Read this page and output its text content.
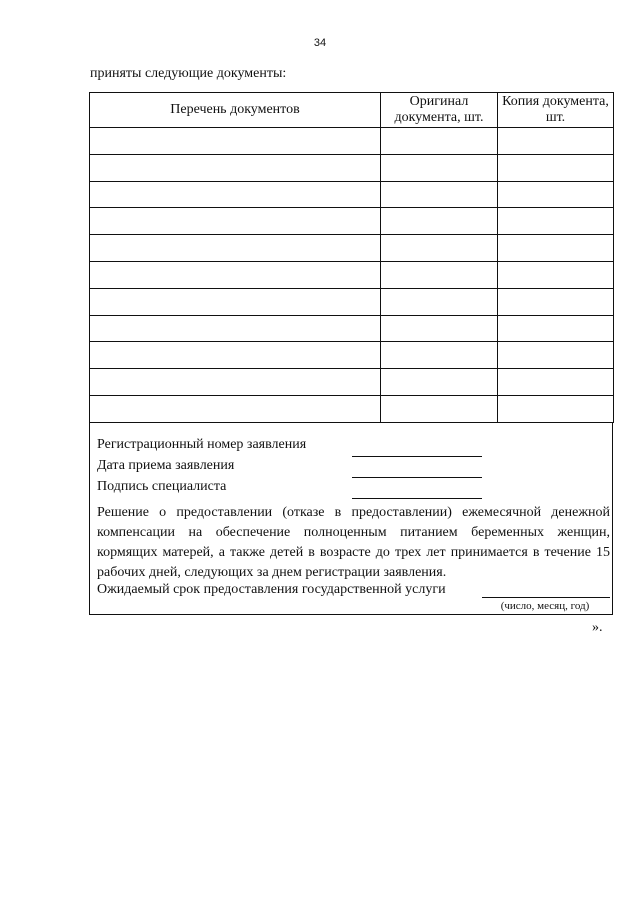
34
приняты следующие документы:
Перечень документов	Оригинал документа, шт.	Копия документа, шт.

Регистрационный номер заявления
Дата приема заявления
Подпись специалиста
Решение о предоставлении (отказе в предоставлении) ежемесячной денежной компенсации на обеспечение полноценным питанием беременных женщин, кормящих матерей, а также детей в возрасте до трех лет принимается в течение 15 рабочих дней, следующих за днем регистрации заявления.
Ожидаемый срок предоставления государственной услуги
(число, месяц, год)
».
